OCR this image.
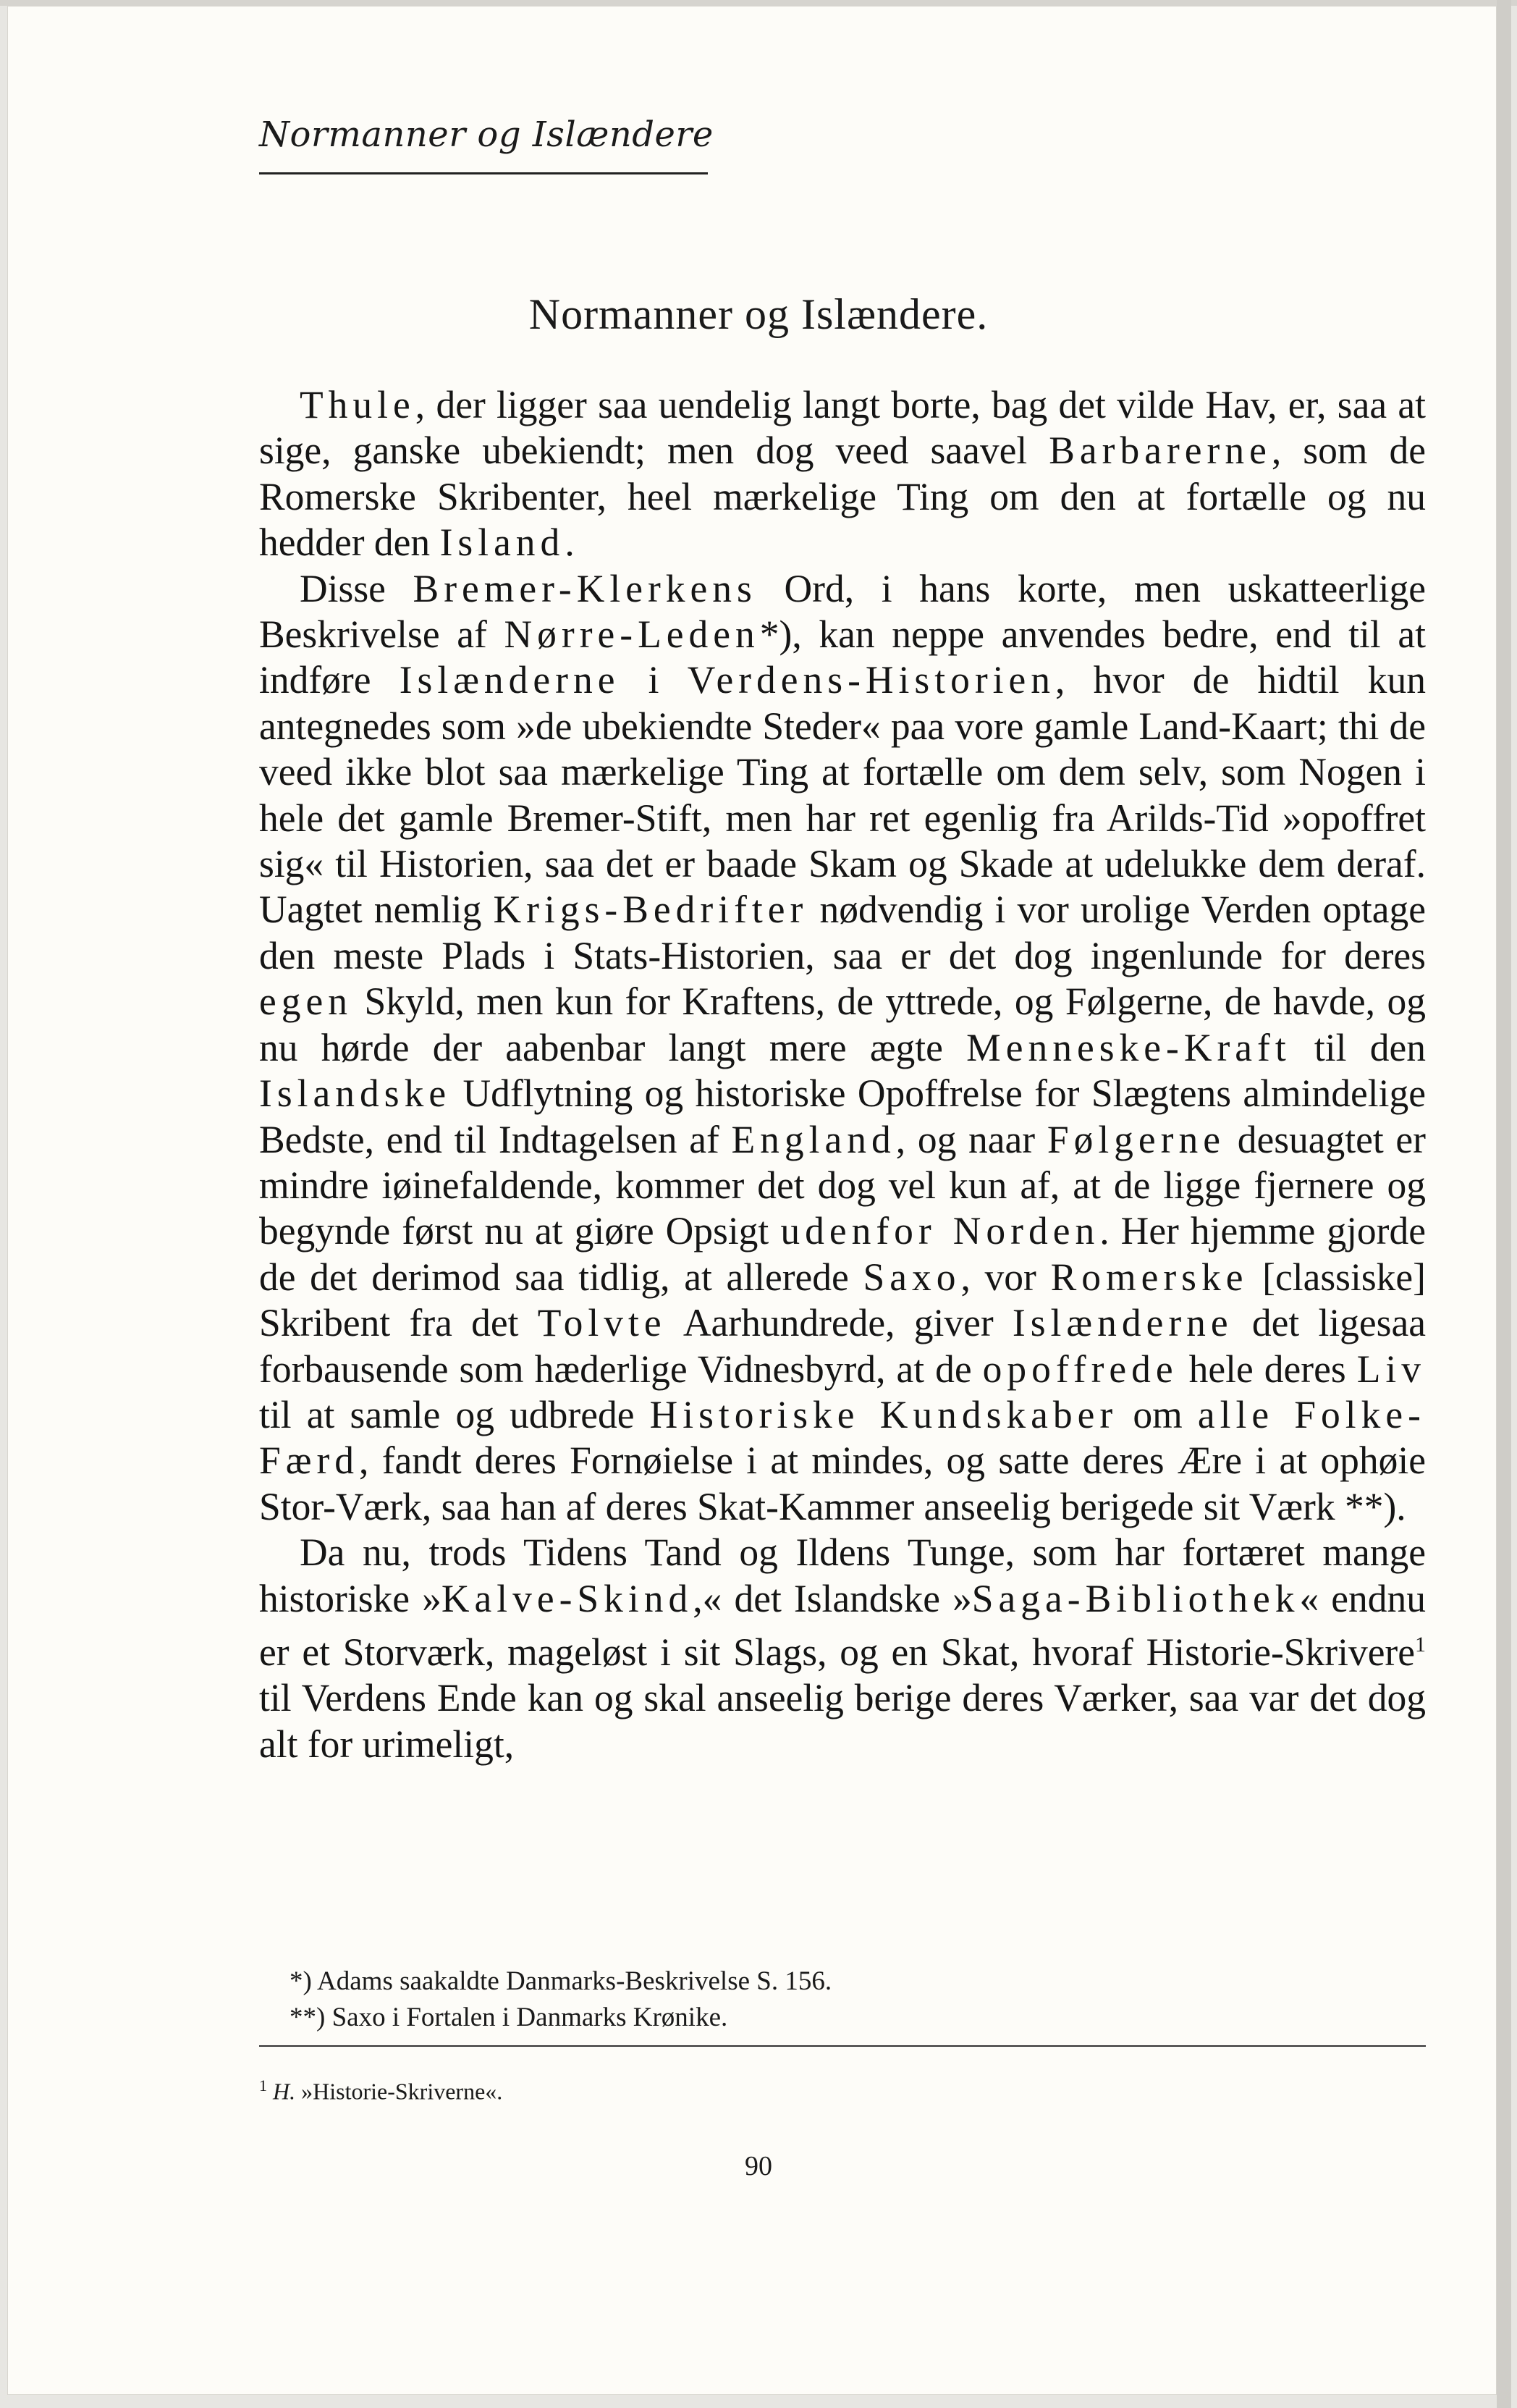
Normanner og Islændere
Normanner og Islændere.

Thule, der ligger saa uendelig langt borte, bag det vilde Hav, er, saa at sige, ganske ubekiendt; men dog veed saavel Barbarerne, som de Romerske Skribenter, heel mærkelige Ting om den at fortælle og nu hedder den Island.

Disse Bremer-Klerkens Ord, i hans korte, men uskatteerlige Beskrivelse af Nørre-Leden*), kan neppe anvendes bedre, end til at indføre Islænderne i Verdens-Historien, hvor de hidtil kun antegnedes som »de ubekiendte Steder« paa vore gamle Land-Kaart; thi de veed ikke blot saa mærkelige Ting at fortælle om dem selv, som Nogen i hele det gamle Bremer-Stift, men har ret egenlig fra Arilds-Tid »opoffret sig« til Historien, saa det er baade Skam og Skade at udelukke dem deraf. Uagtet nemlig Krigs-Bedrifter nødvendig i vor urolige Verden optage den meste Plads i Stats-Historien, saa er det dog ingenlunde for deres egen Skyld, men kun for Kraftens, de yttrede, og Følgerne, de havde, og nu hørde der aabenbar langt mere ægte Menneske-Kraft til den Islandske Udflytning og historiske Opoffrelse for Slægtens almindelige Bedste, end til Indtagelsen af England, og naar Følgerne desuagtet er mindre iøinefaldende, kommer det dog vel kun af, at de ligge fjernere og begynde først nu at giøre Opsigt udenfor Norden. Her hjemme gjorde de det derimod saa tidlig, at allerede Saxo, vor Romerske [classiske] Skribent fra det Tolvte Aarhundrede, giver Islænderne det ligesaa forbausende som hæderlige Vidnesbyrd, at de opoffrede hele deres Liv til at samle og udbrede Historiske Kundskaber om alle Folke-Færd, fandt deres Fornøielse i at mindes, og satte deres Ære i at ophøie Stor-Værk, saa han af deres Skat-Kammer anseelig berigede sit Værk **).

Da nu, trods Tidens Tand og Ildens Tunge, som har fortæret mange historiske »Kalve-Skind,« det Islandske »Saga-Bibliothek« endnu er et Storværk, mageløst i sit Slags, og en Skat, hvoraf Historie-Skrivere$^1$ til Verdens Ende kan og skal anseelig berige deres Værker, saa var det dog alt for urimeligt,

*) Adams saakaldte Danmarks-Beskrivelse S. 156.
**) Saxo i Fortalen i Danmarks Krønike.
$^1$ H. »Historie-Skriverne«.
90
